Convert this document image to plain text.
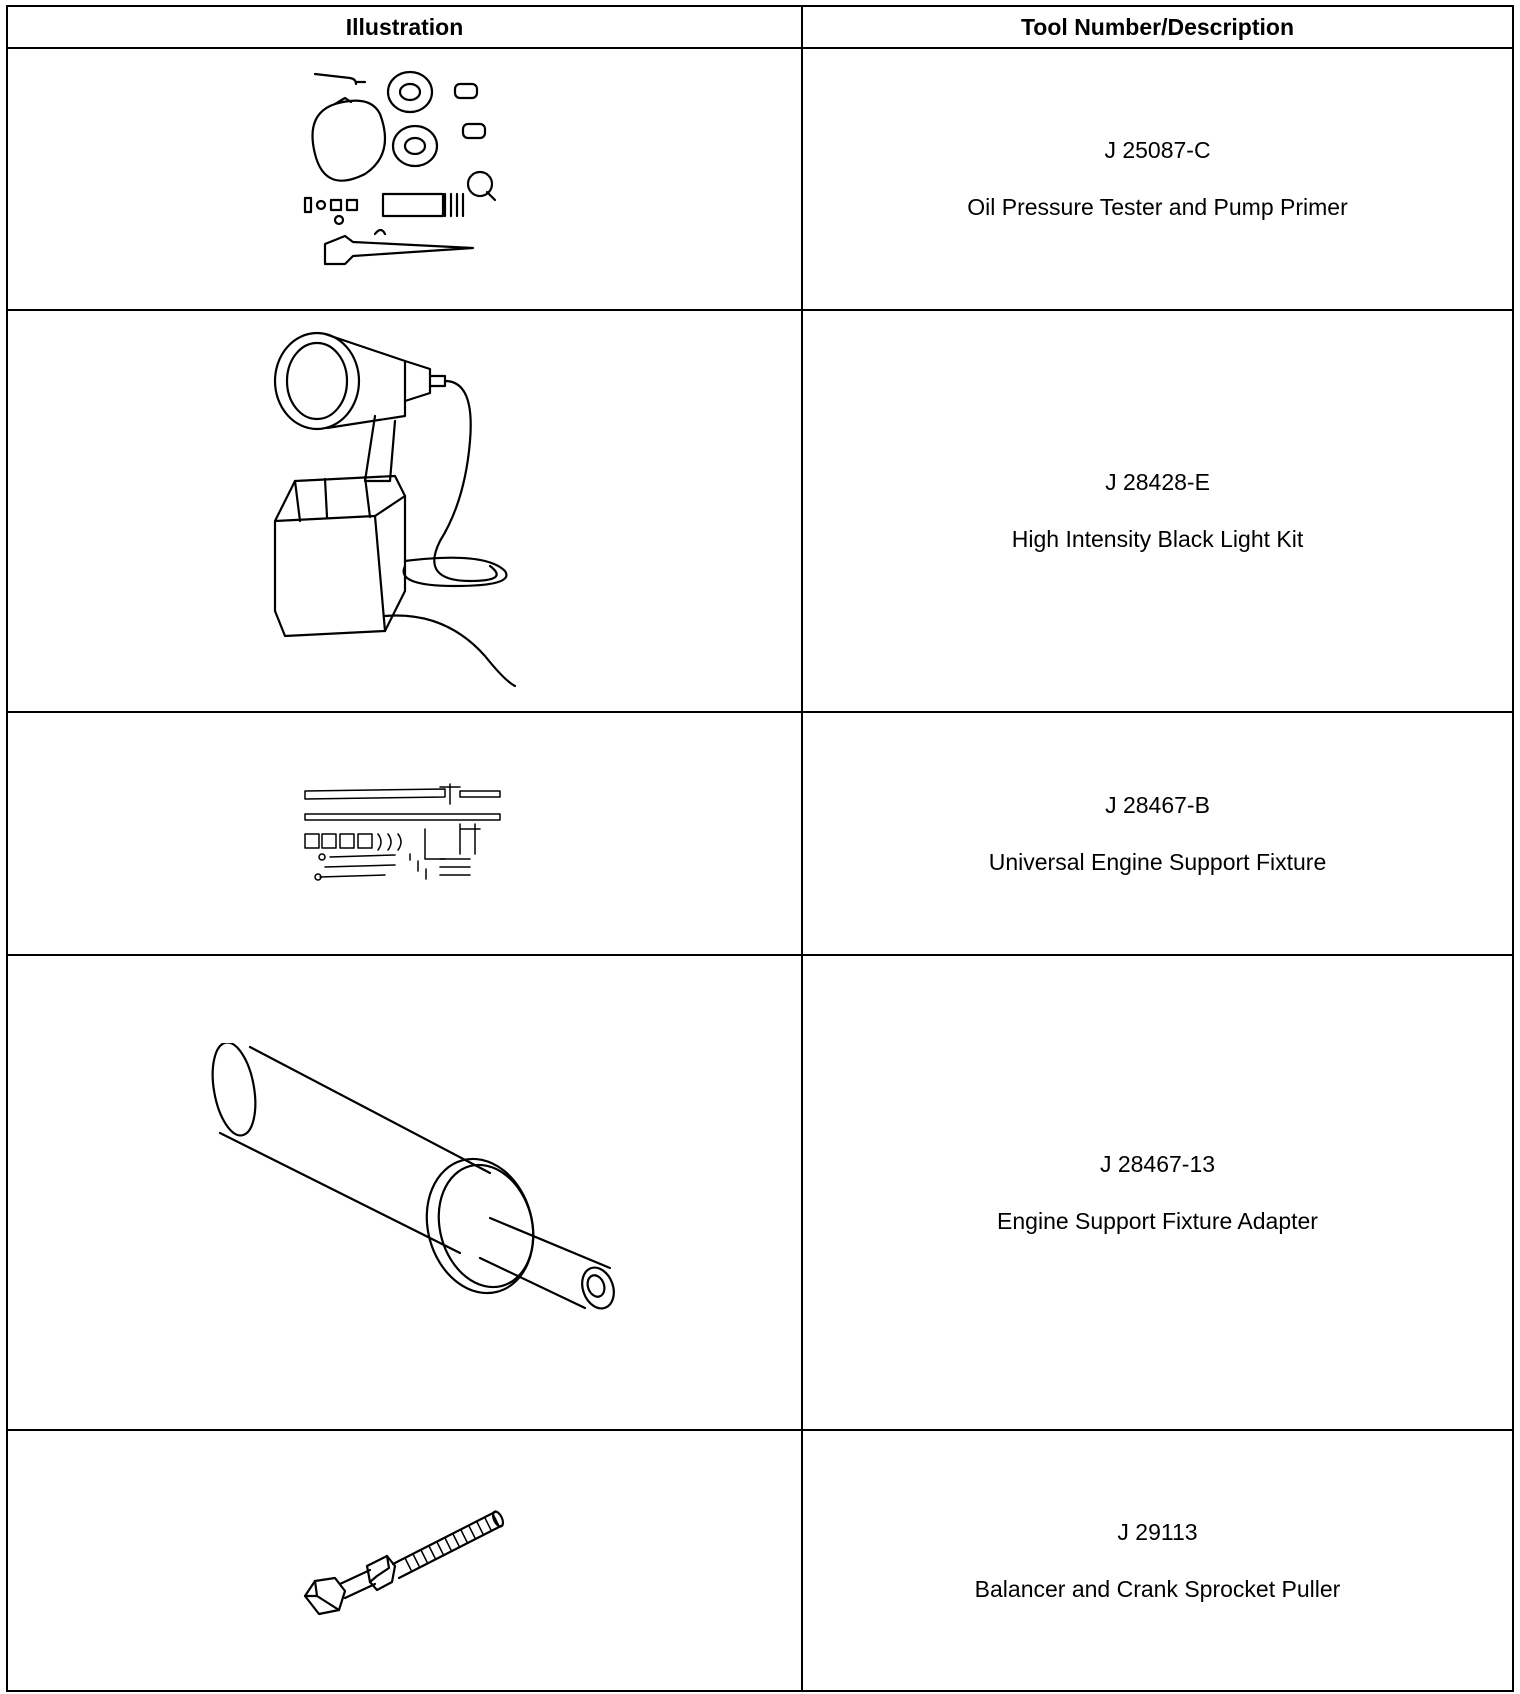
Illustration	Tool Number/Description

J 25087-C

Oil Pressure Tester and Pump Primer

J 28428-E

High Intensity Black Light Kit

J 28467-B

Universal Engine Support Fixture

J 28467-13

Engine Support Fixture Adapter

J 29113

Balancer and Crank Sprocket Puller
